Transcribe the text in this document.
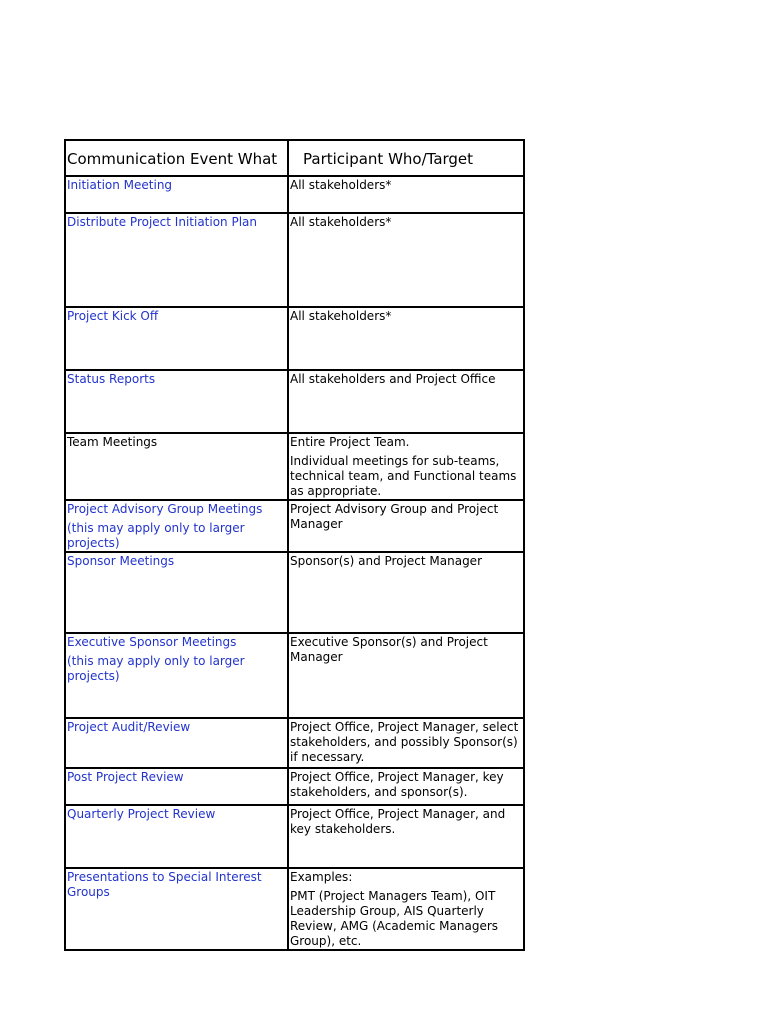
Communication Event What	Participant Who/Target
Initiation Meeting	All stakeholders*

Distribute Project Initiation Plan	All stakeholders*

Project Kick Off	All stakeholders*

Status Reports	All stakeholders and Project Office

Team Meetings	Entire Project Team.
Individual meetings for sub-teams, technical team, and Functional teams as appropriate.

Project Advisory Group Meetings
(this may apply only to larger projects)	Project Advisory Group and Project Manager

Sponsor Meetings	Sponsor(s) and Project Manager

Executive Sponsor Meetings
(this may apply only to larger projects)	Executive Sponsor(s) and Project Manager

Project Audit/Review	Project Office, Project Manager, select stakeholders, and possibly Sponsor(s) if necessary.

Post Project Review	Project Office, Project Manager, key stakeholders, and sponsor(s).

Quarterly Project Review	Project Office, Project Manager, and key stakeholders.

Presentations to Special Interest Groups	Examples:
PMT (Project Managers Team), OIT Leadership Group, AIS Quarterly Review, AMG (Academic Managers Group), etc.
